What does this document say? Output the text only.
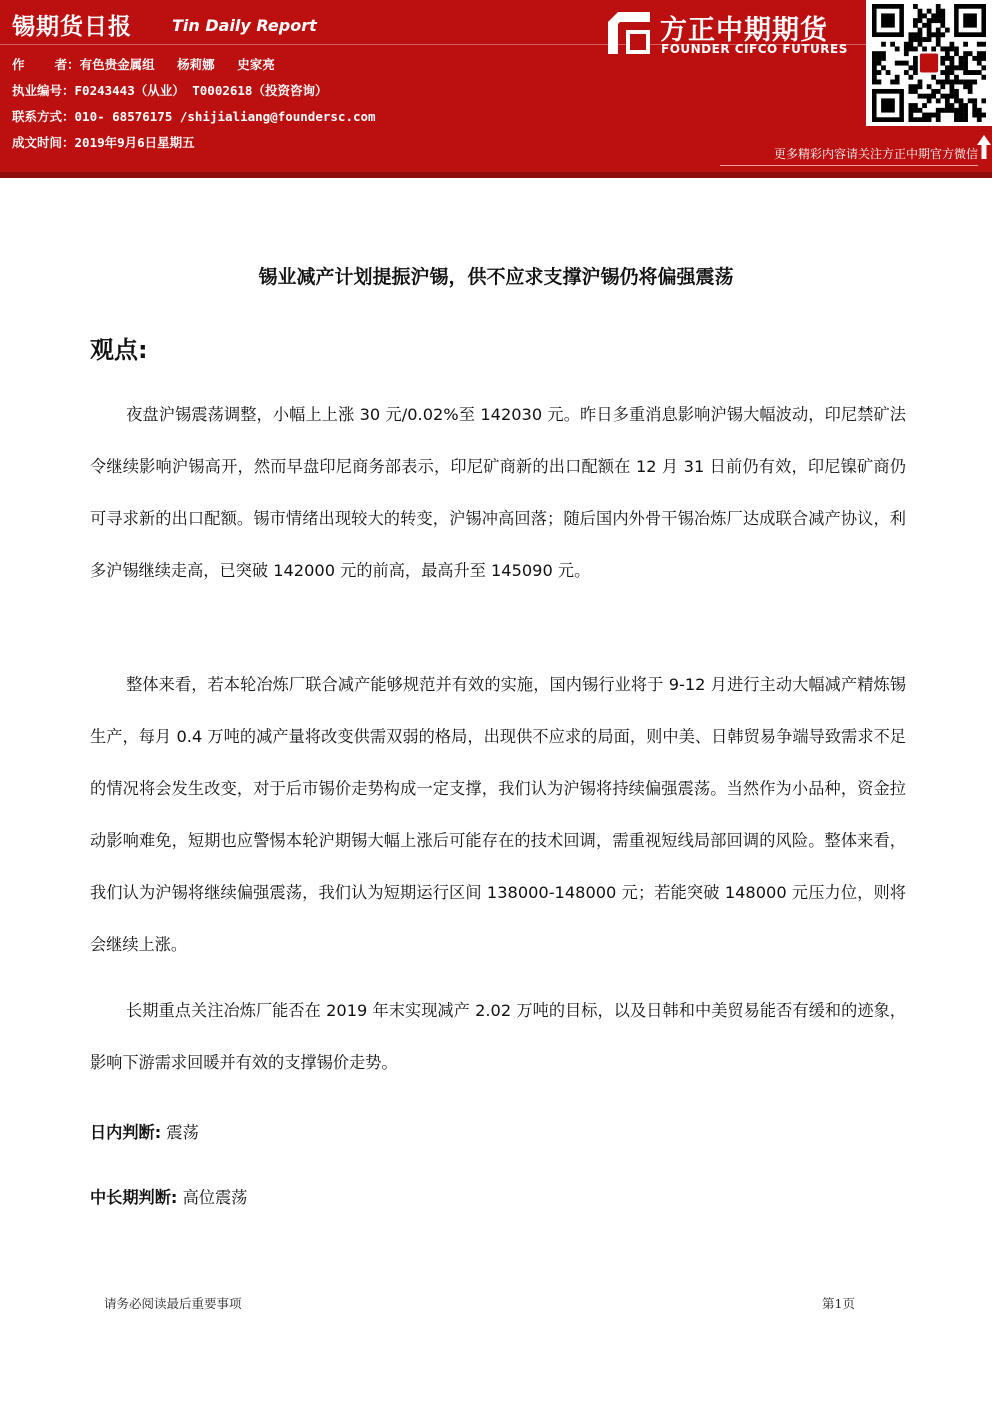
锡期货日报	Tin Daily Report
作    者：有色贵金属组   杨莉娜   史家亮
执业编号：F0243443（从业） T0002618（投资咨询）
联系方式：010- 68576175 /shijialiang@foundersc.com
成文时间：2019年9月6日星期五
方正中期期货
FOUNDER CIFCO FUTURES
更多精彩内容请关注方正中期官方微信
锡业减产计划提振沪锡，供不应求支撑沪锡仍将偏强震荡
观点:

夜盘沪锡震荡调整，小幅上上涨 30 元/0.02%至 142030 元。昨日多重消息影响沪锡大幅波动，印尼禁矿法令继续影响沪锡高开，然而早盘印尼商务部表示，印尼矿商新的出口配额在 12 月 31 日前仍有效，印尼镍矿商仍可寻求新的出口配额。锡市情绪出现较大的转变，沪锡冲高回落；随后国内外骨干锡冶炼厂达成联合减产协议，利多沪锡继续走高，已突破 142000 元的前高，最高升至 145090 元。

整体来看，若本轮冶炼厂联合减产能够规范并有效的实施，国内锡行业将于 9-12 月进行主动大幅减产精炼锡生产，每月 0.4 万吨的减产量将改变供需双弱的格局，出现供不应求的局面，则中美、日韩贸易争端导致需求不足的情况将会发生改变，对于后市锡价走势构成一定支撑，我们认为沪锡将持续偏强震荡。当然作为小品种，资金拉动影响难免，短期也应警惕本轮沪期锡大幅上涨后可能存在的技术回调，需重视短线局部回调的风险。整体来看，我们认为沪锡将继续偏强震荡，我们认为短期运行区间 138000-148000 元；若能突破 148000 元压力位，则将会继续上涨。

长期重点关注冶炼厂能否在 2019 年末实现减产 2.02 万吨的目标，以及日韩和中美贸易能否有缓和的迹象，影响下游需求回暖并有效的支撑锡价走势。

日内判断: 震荡
中长期判断: 高位震荡
请务必阅读最后重要事项	第1页
